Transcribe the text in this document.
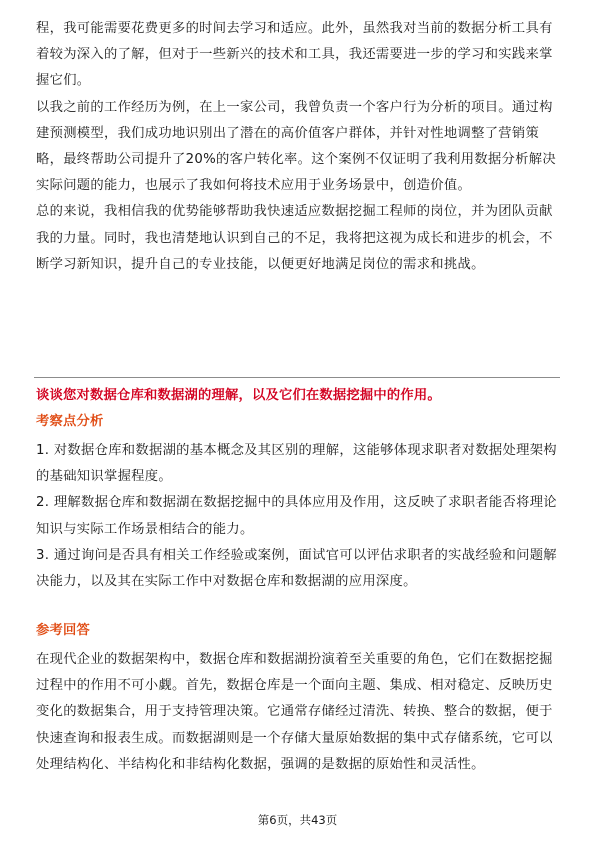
程，我可能需要花费更多的时间去学习和适应。此外，虽然我对当前的数据分析工具有着较为深入的了解，但对于一些新兴的技术和工具，我还需要进一步的学习和实践来掌握它们。

以我之前的工作经历为例，在上一家公司，我曾负责一个客户行为分析的项目。通过构建预测模型，我们成功地识别出了潜在的高价值客户群体，并针对性地调整了营销策略，最终帮助公司提升了20%的客户转化率。这个案例不仅证明了我利用数据分析解决实际问题的能力，也展示了我如何将技术应用于业务场景中，创造价值。

总的来说，我相信我的优势能够帮助我快速适应数据挖掘工程师的岗位，并为团队贡献我的力量。同时，我也清楚地认识到自己的不足，我将把这视为成长和进步的机会，不断学习新知识，提升自己的专业技能，以便更好地满足岗位的需求和挑战。

谈谈您对数据仓库和数据湖的理解，以及它们在数据挖掘中的作用。

考察点分析

1. 对数据仓库和数据湖的基本概念及其区别的理解，这能够体现求职者对数据处理架构的基础知识掌握程度。

2. 理解数据仓库和数据湖在数据挖掘中的具体应用及作用，这反映了求职者能否将理论知识与实际工作场景相结合的能力。

3. 通过询问是否具有相关工作经验或案例，面试官可以评估求职者的实战经验和问题解决能力，以及其在实际工作中对数据仓库和数据湖的应用深度。

参考回答

在现代企业的数据架构中，数据仓库和数据湖扮演着至关重要的角色，它们在数据挖掘过程中的作用不可小觑。首先，数据仓库是一个面向主题、集成、相对稳定、反映历史变化的数据集合，用于支持管理决策。它通常存储经过清洗、转换、整合的数据，便于快速查询和报表生成。而数据湖则是一个存储大量原始数据的集中式存储系统，它可以处理结构化、半结构化和非结构化数据，强调的是数据的原始性和灵活性。

第6页，共43页
